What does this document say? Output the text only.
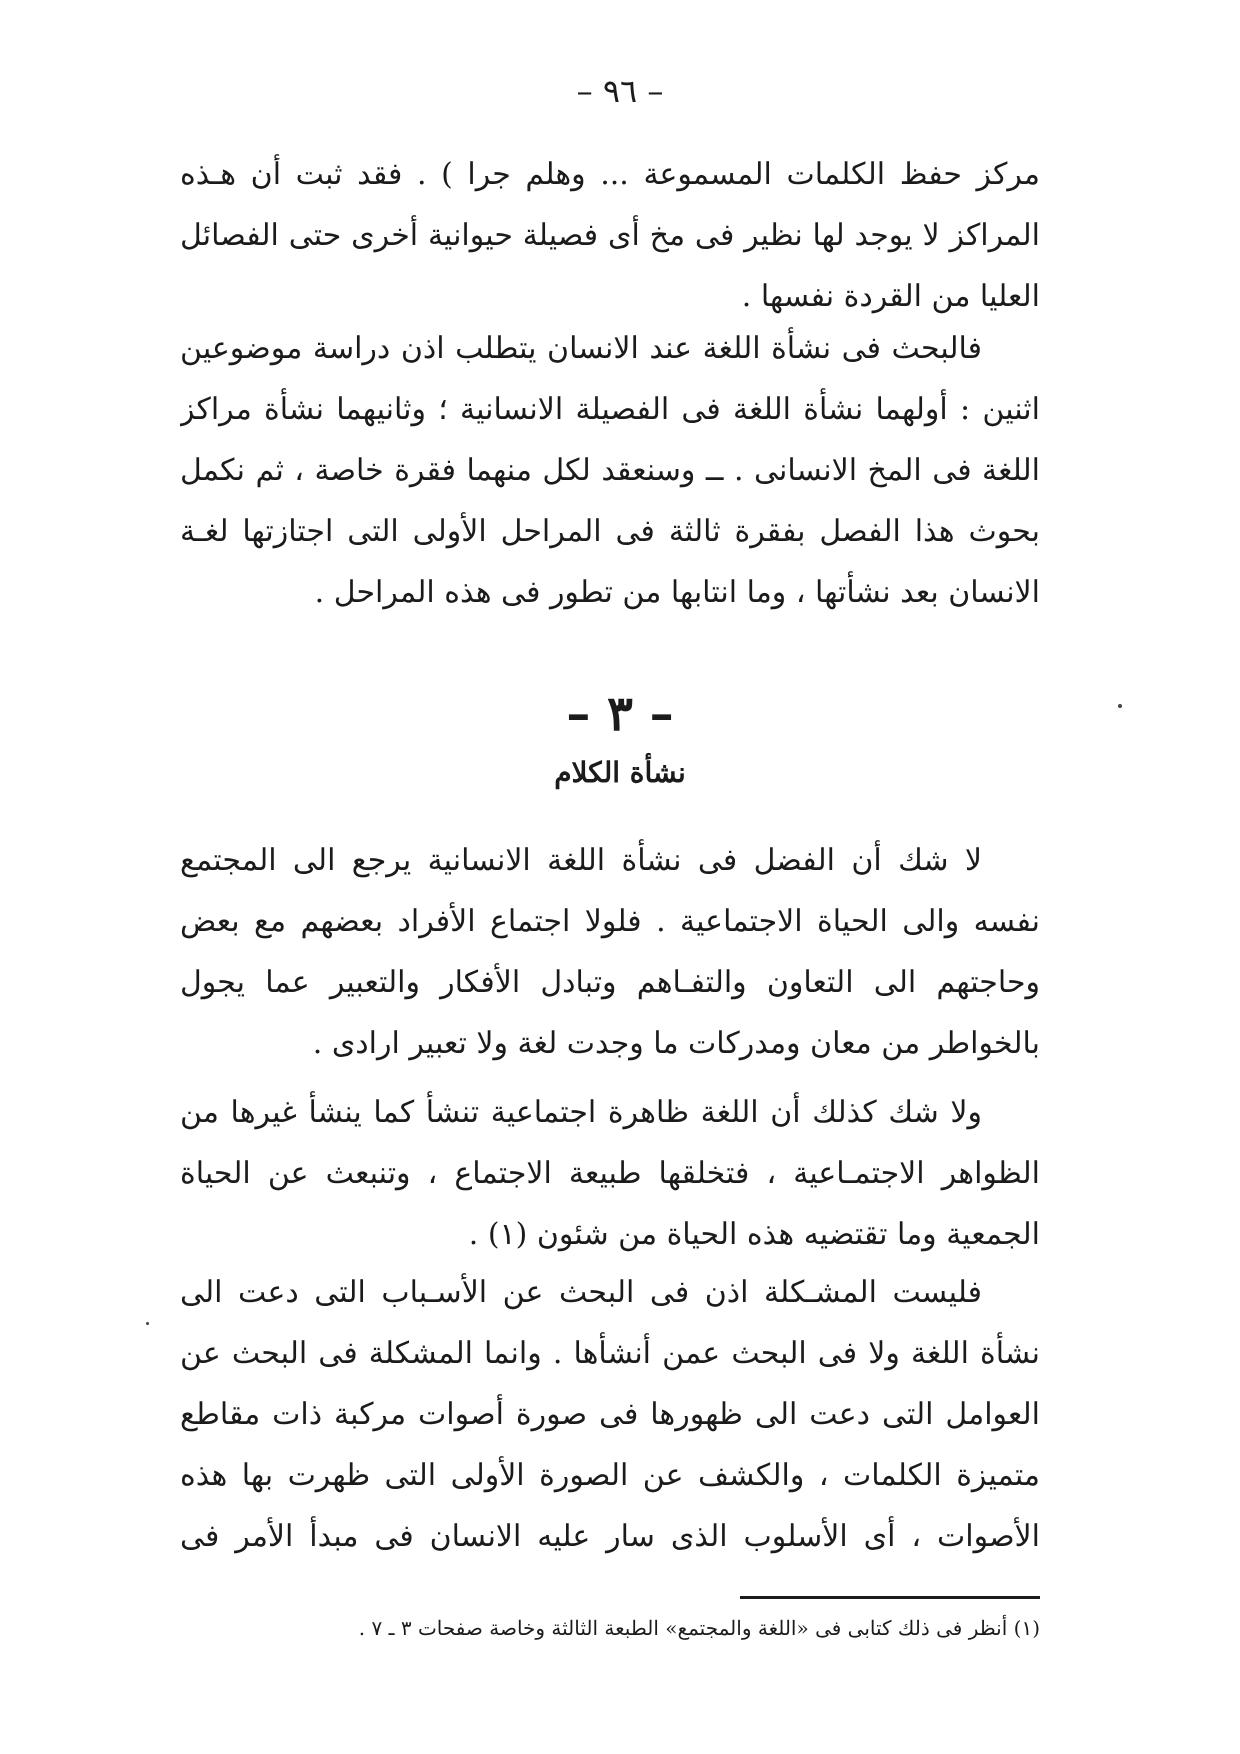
– ٩٦ –

مركز حفظ الكلمات المسموعة ... وهلم جرا ) . فقد ثبت أن هـذه
المراكز لا يوجد لها نظير فى مخ أى فصيلة حيوانية أخرى حتى الفصائل
العليا من القردة نفسها .

فالبحث فى نشأة اللغة عند الانسان يتطلب اذن دراسة موضوعين
اثنين : أولهما نشأة اللغة فى الفصيلة الانسانية ؛ وثانيهما نشأة مراكز
اللغة فى المخ الانسانى . ــ وسنعقد لكل منهما فقرة خاصة ، ثم نكمل
بحوث هذا الفصل بفقرة ثالثة فى المراحل الأولى التى اجتازتها لغـة
الانسان بعد نشأتها ، وما انتابها من تطور فى هذه المراحل .

– ٣ –
نشأة الكلام

لا شك أن الفضل فى نشأة اللغة الانسانية يرجع الى المجتمع
نفسه والى الحياة الاجتماعية . فلولا اجتماع الأفراد بعضهم مع بعض
وحاجتهم الى التعاون والتفـاهم وتبادل الأفكار والتعبير عما يجول
بالخواطر من معان ومدركات ما وجدت لغة ولا تعبير ارادى .

ولا شك كذلك أن اللغة ظاهرة اجتماعية تنشأ كما ينشأ غيرها من
الظواهر الاجتمـاعية ، فتخلقها طبيعة الاجتماع ، وتنبعث عن الحياة
الجمعية وما تقتضيه هذه الحياة من شئون (١) .

فليست المشـكلة اذن فى البحث عن الأسـباب التى دعت الى
نشأة اللغة ولا فى البحث عمن أنشأها . وانما المشكلة فى البحث عن
العوامل التى دعت الى ظهورها فى صورة أصوات مركبة ذات مقاطع
متميزة الكلمات ، والكشف عن الصورة الأولى التى ظهرت بها هذه
الأصوات ، أى الأسلوب الذى سار عليه الانسان فى مبدأ الأمر فى

(١) أنظر فى ذلك كتابى فى «اللغة والمجتمع» الطبعة الثالثة وخاصة صفحات ٣ ـ ٧ .
